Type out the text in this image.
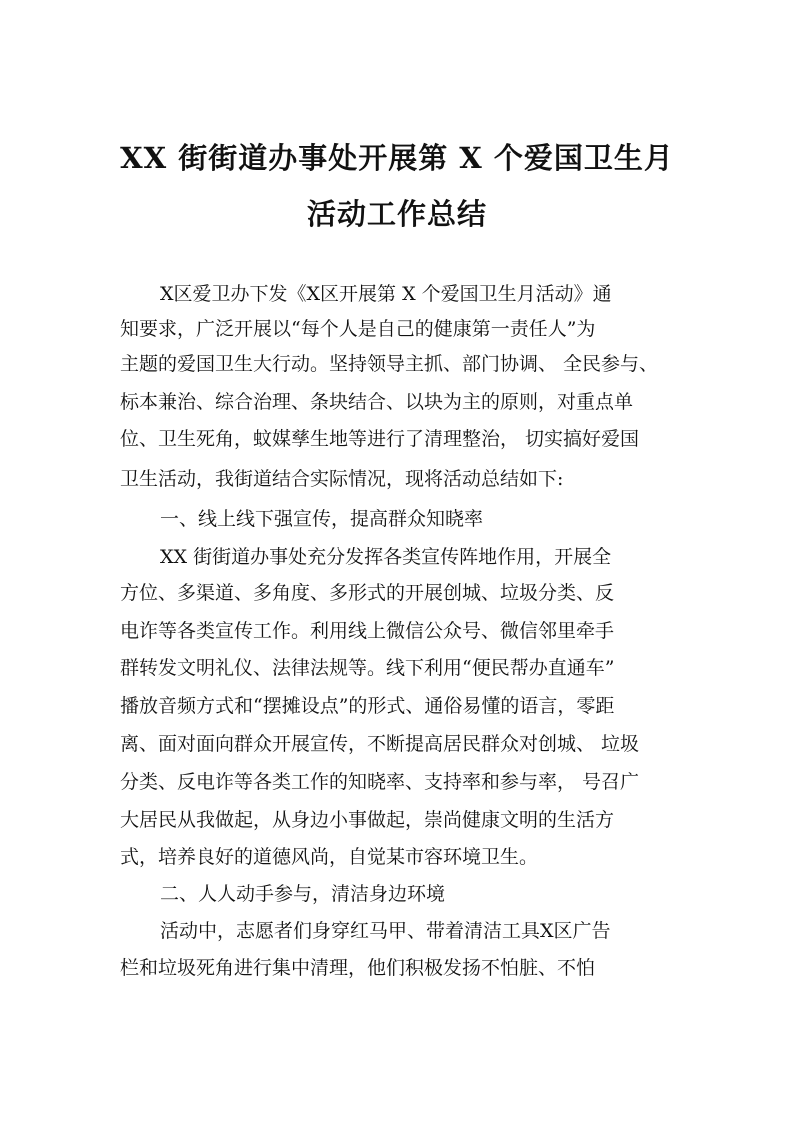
XX 街街道办事处开展第 X 个爱国卫生月
活动工作总结
X区爱卫办下发《X区开展第 X 个爱国卫生月活动》通
知要求，广泛开展以“每个人是自己的健康第一责任人”为
主题的爱国卫生大行动。坚持领导主抓、部门协调、 全民参与、
标本兼治、综合治理、条块结合、以块为主的原则，对重点单
位、卫生死角，蚊媒孳生地等进行了清理整治， 切实搞好爱国
卫生活动，我街道结合实际情况，现将活动总结如下:
一、线上线下强宣传，提高群众知晓率
XX 街街道办事处充分发挥各类宣传阵地作用，开展全
方位、多渠道、多角度、多形式的开展创城、垃圾分类、反
电诈等各类宣传工作。利用线上微信公众号、微信邻里牵手
群转发文明礼仪、法律法规等。线下利用“便民帮办直通车”
播放音频方式和“摆摊设点”的形式、通俗易懂的语言，零距
离、面对面向群众开展宣传，不断提高居民群众对创城、 垃圾
分类、反电诈等各类工作的知晓率、支持率和参与率， 号召广
大居民从我做起，从身边小事做起，崇尚健康文明的生活方
式，培养良好的道德风尚，自觉某市容环境卫生。
二、人人动手参与，清洁身边环境
活动中，志愿者们身穿红马甲、带着清洁工具X区广告
栏和垃圾死角进行集中清理，他们积极发扬不怕脏、不怕
